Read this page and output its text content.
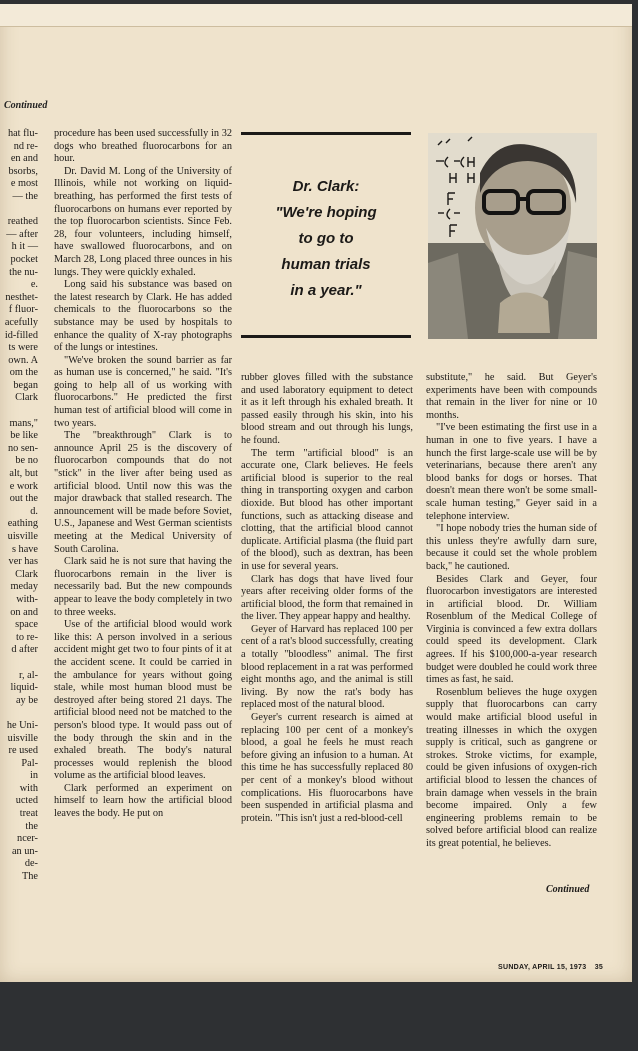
Continued
hat flu-
nd re-
en and
bsorbs,
e most
— the
reathed
— after
h it —
pocket
the nu-
e.
nesthet-
f fluor-
acefully
id-filled
ts were
own. A
om the
began
Clark
mans,"
be like
no sen-
be no
alt, but
e work
out the
d.
eathing
uisville
s have
ver has
Clark
meday
with-
on and
space
to re-
d after
r, al-
liquid-
ay be
he Uni-
uisville
re used
Pal-
in
with
ucted
treat
the
ncer-
an un-
de-
The

procedure has been used successfully in 32 dogs who breathed fluorocarbons for an hour.

Dr. David M. Long of the University of Illinois, while not working on liquid-breathing, has performed the first tests of fluorocarbons on humans ever reported by the top fluorocarbon scientists. Since Feb. 28, four volunteers, including himself, have swallowed fluorocarbons, and on March 28, Long placed three ounces in his lungs. They were quickly exhaled.

Long said his substance was based on the latest research by Clark. He has added chemicals to the fluorocarbons so the substance may be used by hospitals to enhance the quality of X-ray photographs of the lungs or intestines.

"We've broken the sound barrier as far as human use is concerned," he said. "It's going to help all of us working with fluorocarbons." He predicted the first human test of artificial blood will come in two years.

The "breakthrough" Clark is to announce April 25 is the discovery of fluorocarbon compounds that do not "stick" in the liver after being used as artificial blood. Until now this was the major drawback that stalled research. The announcement will be made before Soviet, U.S., Japanese and West German scientists meeting at the Medical University of South Carolina.

Clark said he is not sure that having the fluorocarbons remain in the liver is necessarily bad. But the new compounds appear to leave the body completely in two to three weeks.

Use of the artificial blood would work like this: A person involved in a serious accident might get two to four pints of it at the accident scene. It could be carried in the ambulance for years without going stale, while most human blood must be destroyed after being stored 21 days. The artificial blood need not be matched to the person's blood type. It would pass out of the body through the skin and in the exhaled breath. The body's natural processes would replenish the blood volume as the artificial blood leaves.

Clark performed an experiment on himself to learn how the artificial blood leaves the body. He put on

Dr. Clark:
"We're hoping
to go to
human trials
in a year."

rubber gloves filled with the substance and used laboratory equipment to detect it as it left through his exhaled breath. It passed easily through his skin, into his blood stream and out through his lungs, he found.

The term "artificial blood" is an accurate one, Clark believes. He feels artificial blood is superior to the real thing in transporting oxygen and carbon dioxide. But blood has other important functions, such as attacking disease and clotting, that the artificial blood cannot duplicate. Artificial plasma (the fluid part of the blood), such as dextran, has been in use for several years.

Clark has dogs that have lived four years after receiving older forms of the artificial blood, the form that remained in the liver. They appear happy and healthy.

Geyer of Harvard has replaced 100 per cent of a rat's blood successfully, creating a totally "bloodless" animal. The first blood replacement in a rat was performed eight months ago, and the animal is still living. By now the rat's body has replaced most of the natural blood.

Geyer's current research is aimed at replacing 100 per cent of a monkey's blood, a goal he feels he must reach before giving an infusion to a human. At this time he has successfully replaced 80 per cent of a monkey's blood without complications. His fluorocarbons have been suspended in artificial plasma and protein. "This isn't just a red-blood-cell

substitute," he said. But Geyer's experiments have been with compounds that remain in the liver for nine or 10 months.

"I've been estimating the first use in a human in one to five years. I have a hunch the first large-scale use will be by veterinarians, because there aren't any blood banks for dogs or horses. That doesn't mean there won't be some small-scale human testing," Geyer said in a telephone interview.

"I hope nobody tries the human side of this unless they're awfully darn sure, because it could set the whole problem back," he cautioned.

Besides Clark and Geyer, four fluorocarbon investigators are interested in artificial blood. Dr. William Rosenblum of the Medical College of Virginia is convinced a few extra dollars could speed its development. Clark agrees. If his $100,000-a-year research budget were doubled he could work three times as fast, he said.

Rosenblum believes the huge oxygen supply that fluorocarbons can carry would make artificial blood useful in treating illnesses in which the oxygen supply is critical, such as gangrene or strokes. Stroke victims, for example, could be given infusions of oxygen-rich artificial blood to lessen the chances of brain damage when vessels in the brain become impaired. Only a few engineering problems remain to be solved before artificial blood can realize its great potential, he believes.

Continued
SUNDAY, APRIL 15, 1973 35
